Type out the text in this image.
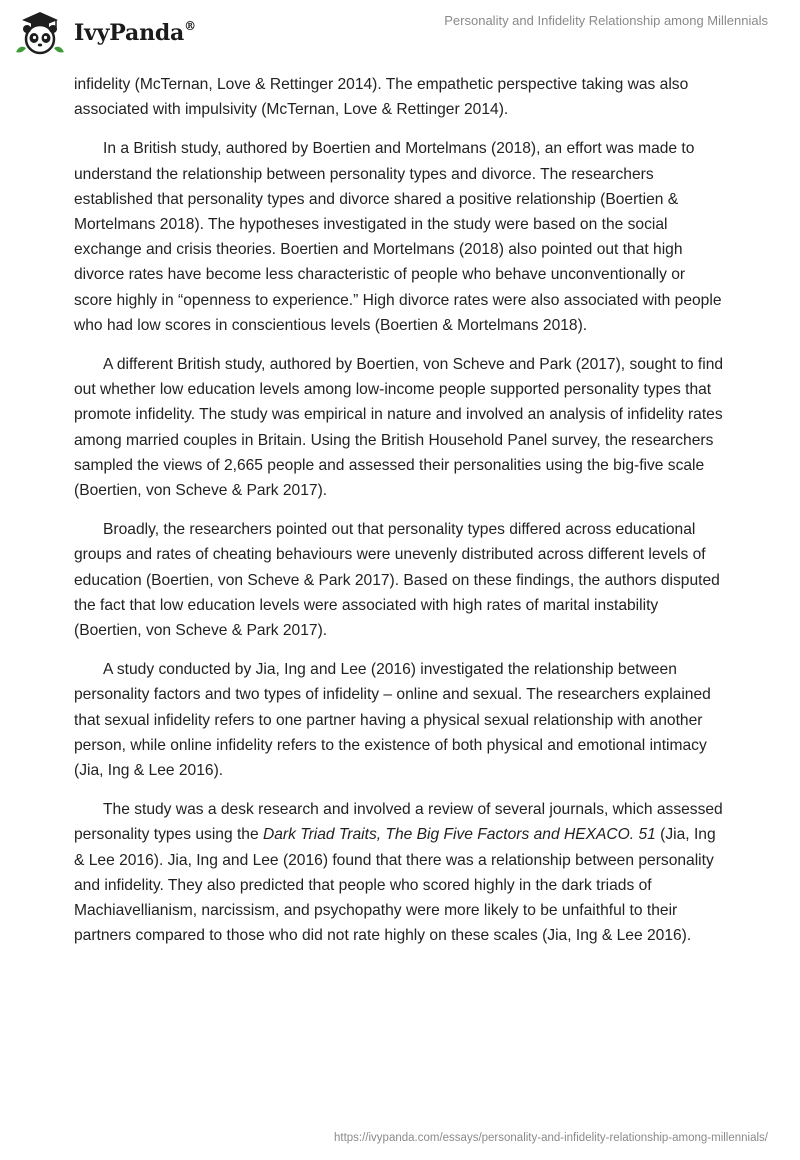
IvyPanda®	Personality and Infidelity Relationship among Millennials

infidelity (McTernan, Love & Rettinger 2014). The empathetic perspective taking was also associated with impulsivity (McTernan, Love & Rettinger 2014).

In a British study, authored by Boertien and Mortelmans (2018), an effort was made to understand the relationship between personality types and divorce. The researchers established that personality types and divorce shared a positive relationship (Boertien & Mortelmans 2018). The hypotheses investigated in the study were based on the social exchange and crisis theories. Boertien and Mortelmans (2018) also pointed out that high divorce rates have become less characteristic of people who behave unconventionally or score highly in “openness to experience.” High divorce rates were also associated with people who had low scores in conscientious levels (Boertien & Mortelmans 2018).

A different British study, authored by Boertien, von Scheve and Park (2017), sought to find out whether low education levels among low-income people supported personality types that promote infidelity. The study was empirical in nature and involved an analysis of infidelity rates among married couples in Britain. Using the British Household Panel survey, the researchers sampled the views of 2,665 people and assessed their personalities using the big-five scale (Boertien, von Scheve & Park 2017).

Broadly, the researchers pointed out that personality types differed across educational groups and rates of cheating behaviours were unevenly distributed across different levels of education (Boertien, von Scheve & Park 2017). Based on these findings, the authors disputed the fact that low education levels were associated with high rates of marital instability (Boertien, von Scheve & Park 2017).

A study conducted by Jia, Ing and Lee (2016) investigated the relationship between personality factors and two types of infidelity – online and sexual. The researchers explained that sexual infidelity refers to one partner having a physical sexual relationship with another person, while online infidelity refers to the existence of both physical and emotional intimacy (Jia, Ing & Lee 2016).

The study was a desk research and involved a review of several journals, which assessed personality types using the Dark Triad Traits, The Big Five Factors and HEXACO. 51 (Jia, Ing & Lee 2016). Jia, Ing and Lee (2016) found that there was a relationship between personality and infidelity. They also predicted that people who scored highly in the dark triads of Machiavellianism, narcissism, and psychopathy were more likely to be unfaithful to their partners compared to those who did not rate highly on these scales (Jia, Ing & Lee 2016).

https://ivypanda.com/essays/personality-and-infidelity-relationship-among-millennials/
